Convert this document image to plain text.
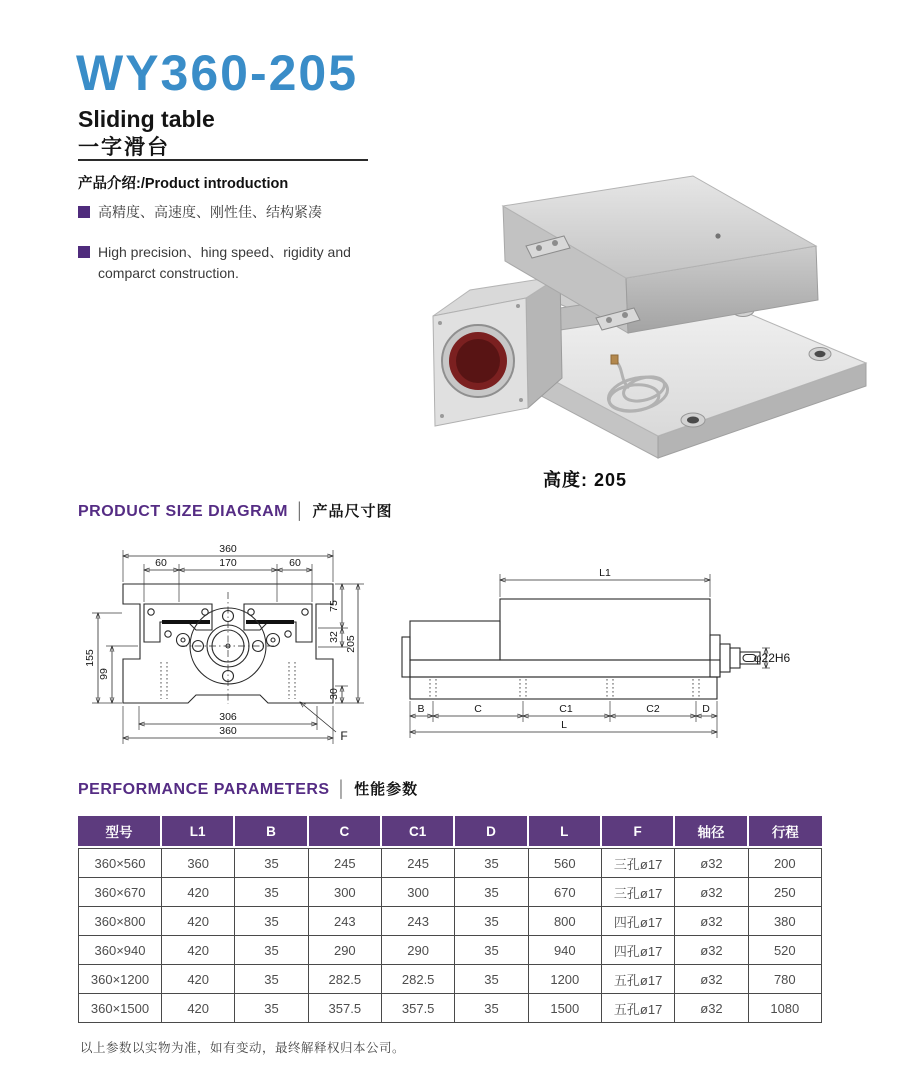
WY360-205
Sliding table
一字滑台
产品介绍:/Product introduction
高精度、高速度、刚性佳、结构紧凑
High precision、hing speed、rigidity and comparct construction.
高度: 205
PRODUCT SIZE DIAGRAM │ 产品尺寸图
360
60	170	60
75
32
30
205
155
99
306
360	F
L1
B	C	C1	C2	D
L
φ22H6
PERFORMANCE PARAMETERS │ 性能参数
型号	L1	B	C	C1	D	L	F	轴径	行程
360×560	360	35	245	245	35	560	三孔ø17	ø32	200
360×670	420	35	300	300	35	670	三孔ø17	ø32	250
360×800	420	35	243	243	35	800	四孔ø17	ø32	380
360×940	420	35	290	290	35	940	四孔ø17	ø32	520
360×1200	420	35	282.5	282.5	35	1200	五孔ø17	ø32	780
360×1500	420	35	357.5	357.5	35	1500	五孔ø17	ø32	1080
以上参数以实物为准，如有变动，最终解释权归本公司。
